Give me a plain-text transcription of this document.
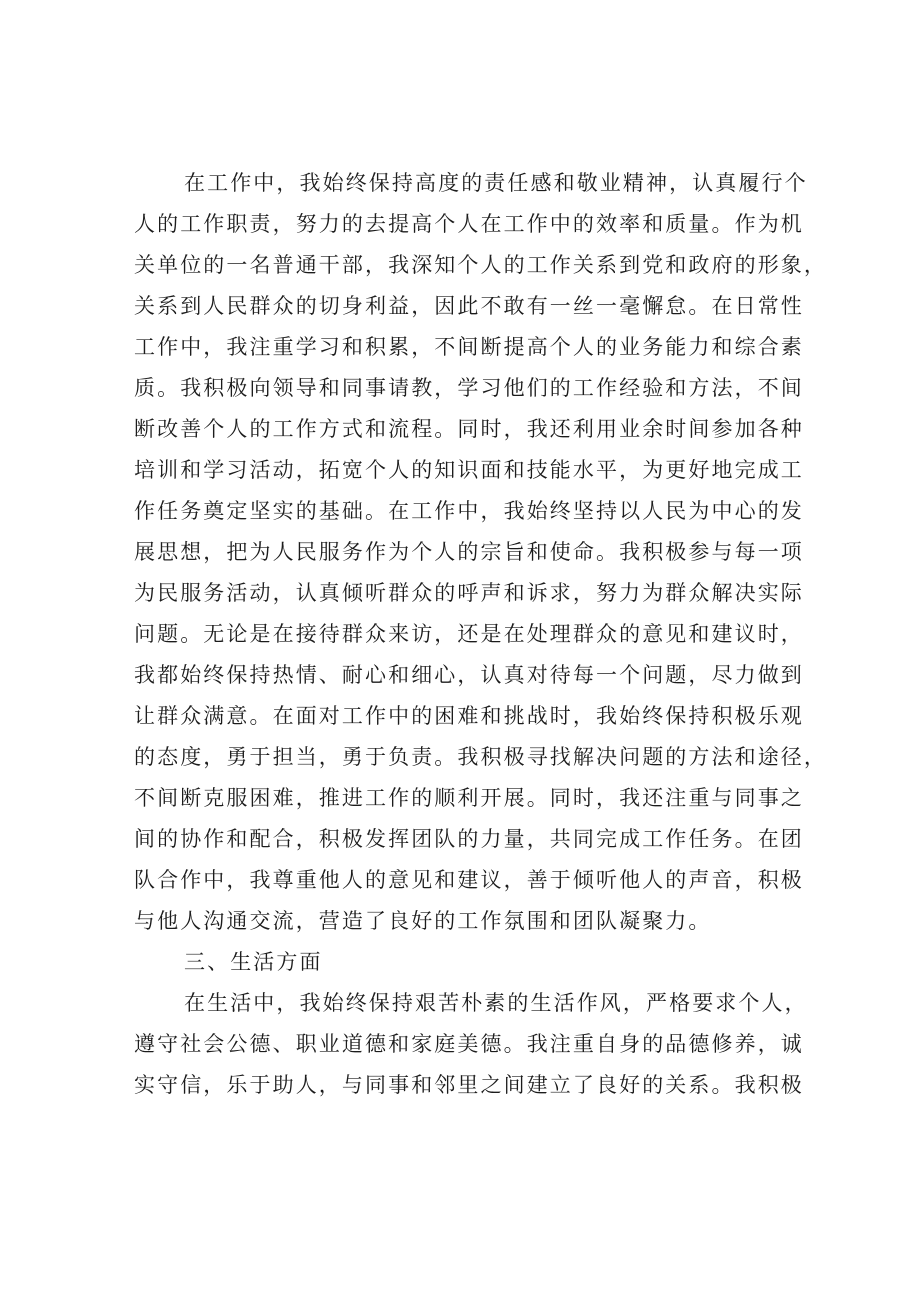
在工作中，我始终保持高度的责任感和敬业精神，认真履行个
人的工作职责，努力的去提高个人在工作中的效率和质量。作为机
关单位的一名普通干部，我深知个人的工作关系到党和政府的形象，
关系到人民群众的切身利益，因此不敢有一丝一毫懈怠。在日常性
工作中，我注重学习和积累，不间断提高个人的业务能力和综合素
质。我积极向领导和同事请教，学习他们的工作经验和方法，不间
断改善个人的工作方式和流程。同时，我还利用业余时间参加各种
培训和学习活动，拓宽个人的知识面和技能水平，为更好地完成工
作任务奠定坚实的基础。在工作中，我始终坚持以人民为中心的发
展思想，把为人民服务作为个人的宗旨和使命。我积极参与每一项
为民服务活动，认真倾听群众的呼声和诉求，努力为群众解决实际
问题。无论是在接待群众来访，还是在处理群众的意见和建议时，
我都始终保持热情、耐心和细心，认真对待每一个问题，尽力做到
让群众满意。在面对工作中的困难和挑战时，我始终保持积极乐观
的态度，勇于担当，勇于负责。我积极寻找解决问题的方法和途径，
不间断克服困难，推进工作的顺利开展。同时，我还注重与同事之
间的协作和配合，积极发挥团队的力量，共同完成工作任务。在团
队合作中，我尊重他人的意见和建议，善于倾听他人的声音，积极
与他人沟通交流，营造了良好的工作氛围和团队凝聚力。
三、生活方面
在生活中，我始终保持艰苦朴素的生活作风，严格要求个人，
遵守社会公德、职业道德和家庭美德。我注重自身的品德修养，诚
实守信，乐于助人，与同事和邻里之间建立了良好的关系。我积极
